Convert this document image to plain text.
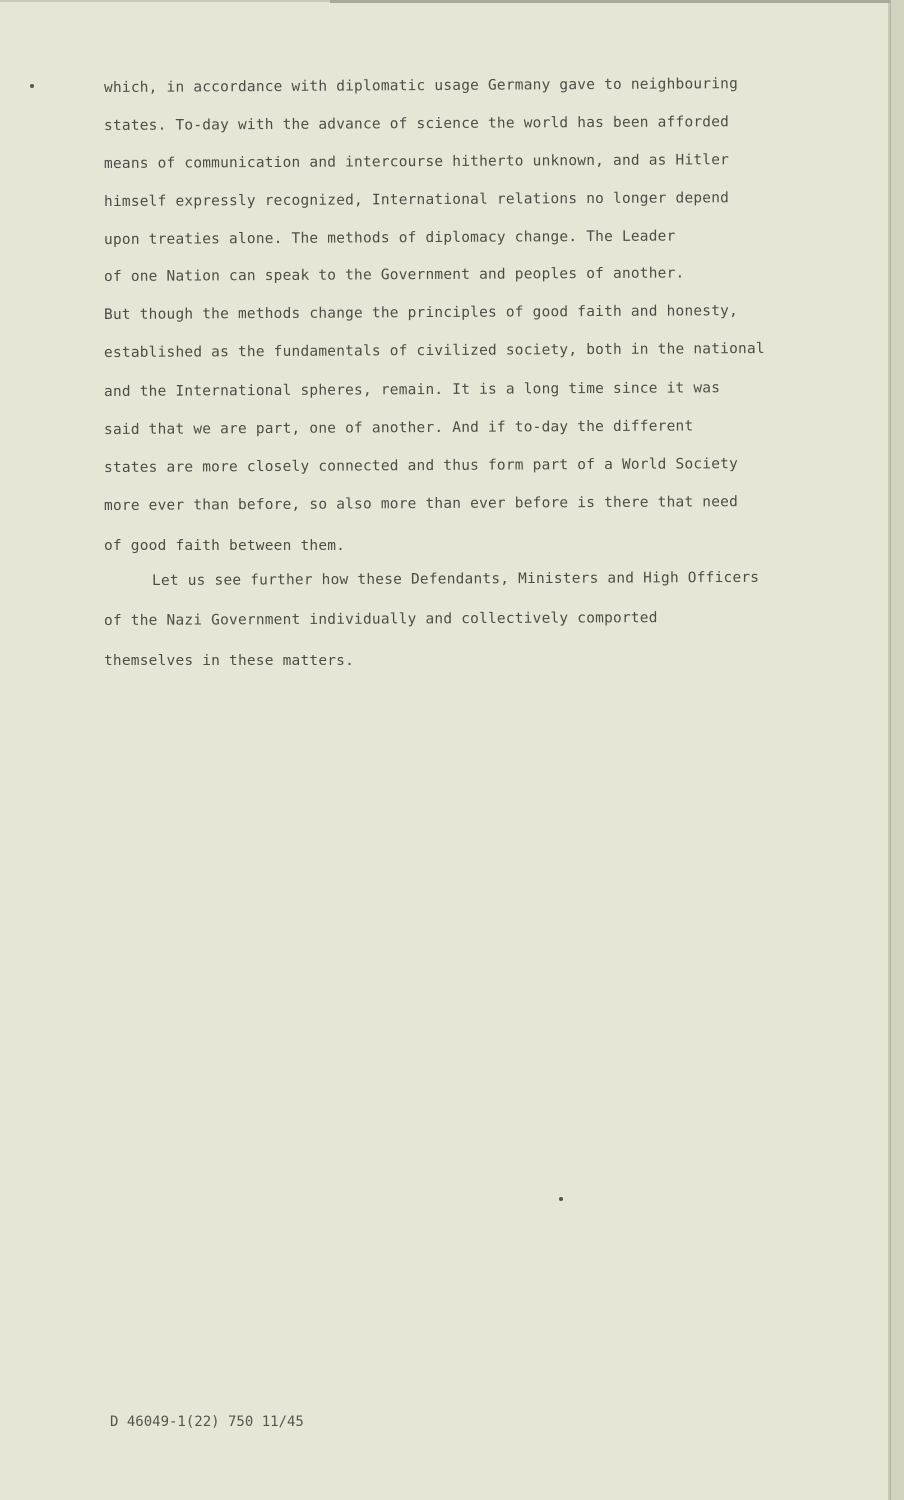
which, in accordance with diplomatic usage Germany gave to neighbouring
states. To-day with the advance of science the world has been afforded
means of communication and intercourse hitherto unknown, and as Hitler
himself expressly recognized, International relations no longer depend
upon treaties alone. The methods of diplomacy change. The Leader
of one Nation can speak to the Government and peoples of another.
But though the methods change the principles of good faith and honesty,
established as the fundamentals of civilized society, both in the national
and the International spheres, remain. It is a long time since it was
said that we are part, one of another. And if to-day the different
states are more closely connected and thus form part of a World Society
more ever than before, so also more than ever before is there that need
of good faith between them.
Let us see further how these Defendants, Ministers and High Officers
of the Nazi Government individually and collectively comported
themselves in these matters.
D 46049-1(22) 750 11/45
